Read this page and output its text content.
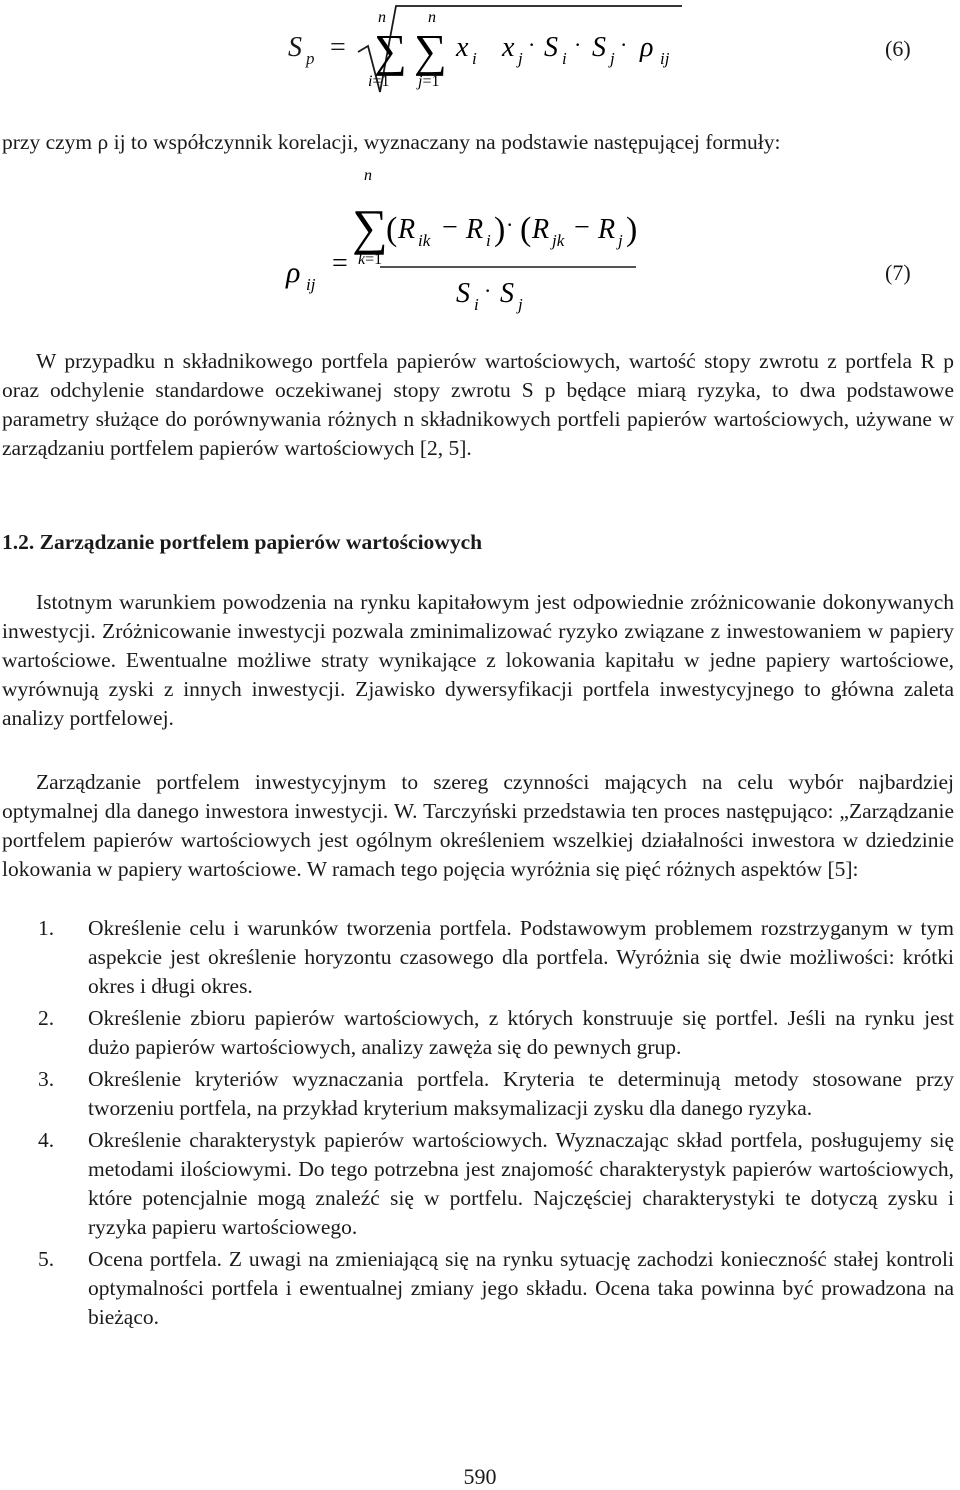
S p =
n
∑
i=1
n
∑
j=1
x i x j
· S i
· S j
· ρ ij	(6)
przy czym ρ ij to współczynnik korelacji, wyznaczany na podstawie następującej formuły:
ρ ij
=
n
∑
k=1
( R ik − R i ) · ( R jk − R j )
S i
· S j
(7)
W przypadku n składnikowego portfela papierów wartościowych, wartość stopy zwrotu z portfela R p oraz odchylenie standardowe oczekiwanej stopy zwrotu S p będące miarą ryzyka, to dwa podstawowe parametry służące do porównywania różnych n składnikowych portfeli papierów wartościowych, używane w zarządzaniu portfelem papierów wartościowych [2, 5].
1.2. Zarządzanie portfelem papierów wartościowych
Istotnym warunkiem powodzenia na rynku kapitałowym jest odpowiednie zróżnicowanie dokonywanych inwestycji. Zróżnicowanie inwestycji pozwala zminimalizować ryzyko związane z inwestowaniem w papiery wartościowe. Ewentualne możliwe straty wynikające z lokowania kapitału w jedne papiery wartościowe, wyrównują zyski z innych inwestycji. Zjawisko dywersyfikacji portfela inwestycyjnego to główna zaleta analizy portfelowej.
Zarządzanie portfelem inwestycyjnym to szereg czynności mających na celu wybór najbardziej optymalnej dla danego inwestora inwestycji. W. Tarczyński przedstawia ten proces następująco: „Zarządzanie portfelem papierów wartościowych jest ogólnym określeniem wszelkiej działalności inwestora w dziedzinie lokowania w papiery wartościowe. W ramach tego pojęcia wyróżnia się pięć różnych aspektów [5]:
1. Określenie celu i warunków tworzenia portfela. Podstawowym problemem rozstrzyganym w tym aspekcie jest określenie horyzontu czasowego dla portfela. Wyróżnia się dwie możliwości: krótki okres i długi okres.
2. Określenie zbioru papierów wartościowych, z których konstruuje się portfel. Jeśli na rynku jest dużo papierów wartościowych, analizy zawęża się do pewnych grup.
3. Określenie kryteriów wyznaczania portfela. Kryteria te determinują metody stosowane przy tworzeniu portfela, na przykład kryterium maksymalizacji zysku dla danego ryzyka.
4. Określenie charakterystyk papierów wartościowych. Wyznaczając skład portfela, posługujemy się metodami ilościowymi. Do tego potrzebna jest znajomość charakterystyk papierów wartościowych, które potencjalnie mogą znaleźć się w portfelu. Najczęściej charakterystyki te dotyczą zysku i ryzyka papieru wartościowego.
5. Ocena portfela. Z uwagi na zmieniającą się na rynku sytuację zachodzi konieczność stałej kontroli optymalności portfela i ewentualnej zmiany jego składu. Ocena taka powinna być prowadzona na bieżąco.
590
